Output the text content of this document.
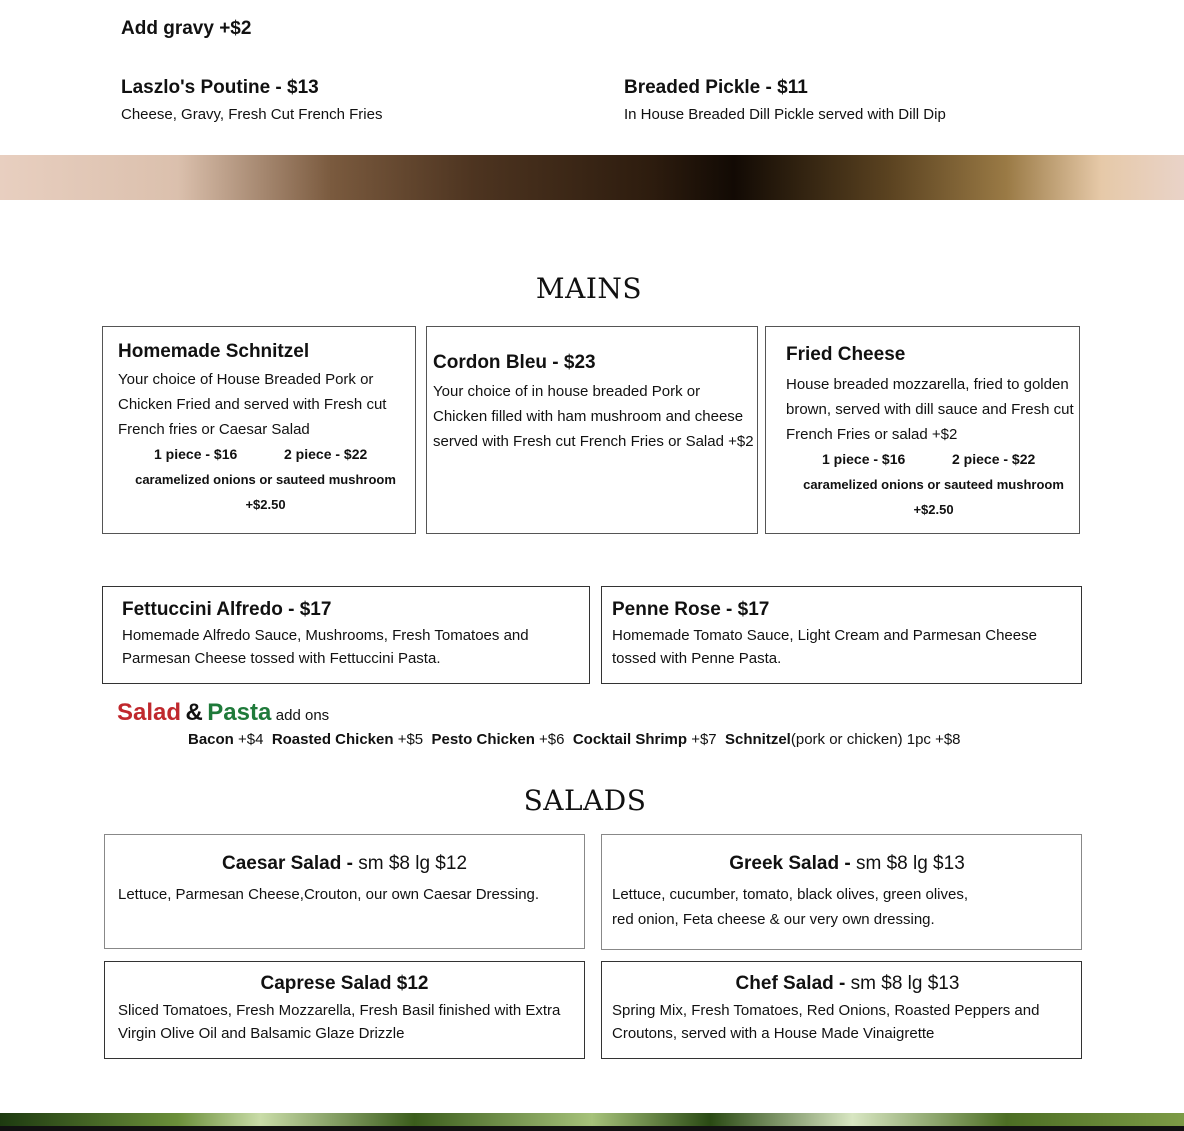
Add gravy +$2
Laszlo's Poutine - $13
Cheese, Gravy, Fresh Cut French Fries
Breaded Pickle - $11
In House Breaded Dill Pickle served with Dill Dip
MAINS
Homemade Schnitzel
Your choice of House Breaded Pork or Chicken Fried and served with Fresh cut French fries or Caesar Salad
1 piece - $16	2 piece - $22
caramelized onions or sauteed mushroom +$2.50
Cordon Bleu - $23
Your choice of in house breaded Pork or Chicken filled with ham mushroom and cheese served with Fresh cut French Fries or Salad +$2
Fried Cheese
House breaded mozzarella, fried to golden brown, served with dill sauce and Fresh cut French Fries or salad +$2
1 piece - $16	2 piece - $22
caramelized onions or sauteed mushroom +$2.50
Fettuccini Alfredo - $17
Homemade Alfredo Sauce, Mushrooms, Fresh Tomatoes and Parmesan Cheese tossed with Fettuccini Pasta.
Penne Rose - $17
Homemade Tomato Sauce, Light Cream and Parmesan Cheese tossed with Penne Pasta.
Salad & Pasta add ons
Bacon +$4 Roasted Chicken +$5 Pesto Chicken +$6 Cocktail Shrimp +$7 Schnitzel(pork or chicken) 1pc +$8
SALADS
Caesar Salad - sm $8 lg $12
Lettuce, Parmesan Cheese,Crouton, our own Caesar Dressing.
Greek Salad - sm $8 lg $13
Lettuce, cucumber, tomato, black olives, green olives,
red onion, Feta cheese & our very own dressing.
Caprese Salad $12
Sliced Tomatoes, Fresh Mozzarella, Fresh Basil finished with Extra Virgin Olive Oil and Balsamic Glaze Drizzle
Chef Salad - sm $8 lg $13
Spring Mix, Fresh Tomatoes, Red Onions, Roasted Peppers and Croutons, served with a House Made Vinaigrette
